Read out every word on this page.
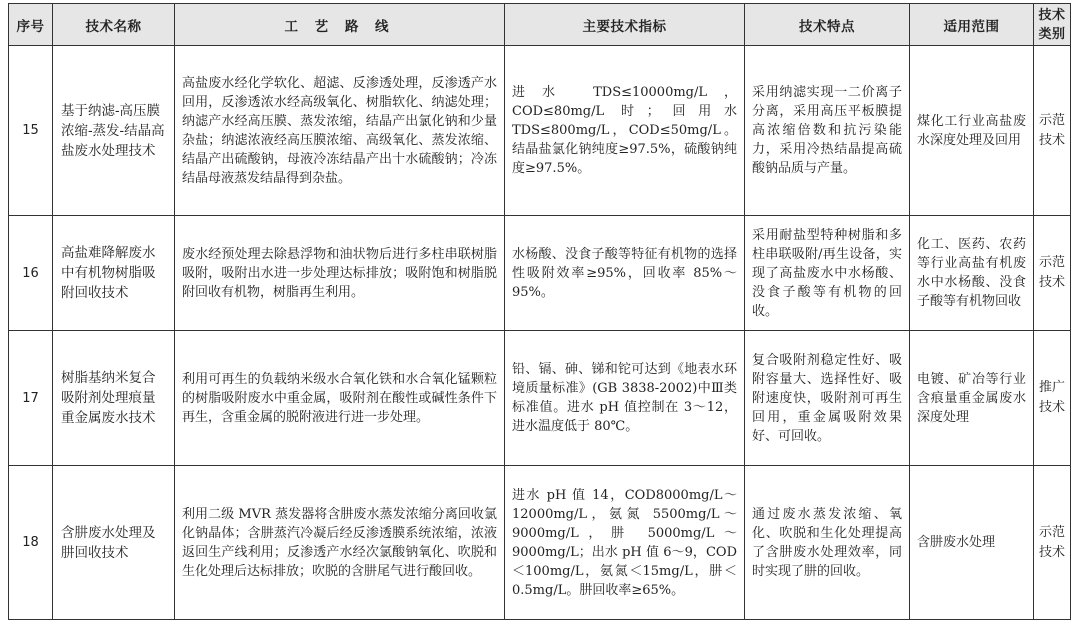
序号	技术名称	工 艺 路 线	主要技术指标	技术特点	适用范围	技术类别
15	基于纳滤-高压膜浓缩-蒸发-结晶高盐废水处理技术	高盐废水经化学软化、超滤、反渗透处理，反渗透产水回用，反渗透浓水经高级氧化、树脂软化、纳滤处理；纳滤产水经高压膜、蒸发浓缩，结晶产出氯化钠和少量杂盐；纳滤浓液经高压膜浓缩、高级氧化、蒸发浓缩、结晶产出硫酸钠，母液冷冻结晶产出十水硫酸钠；冷冻结晶母液蒸发结晶得到杂盐。	进水 TDS≤10000mg/L，COD≤80mg/L 时；回用水 TDS≤800mg/L，COD≤50mg/L。结晶盐氯化钠纯度≥97.5%，硫酸钠纯度≥97.5%。	采用纳滤实现一二价离子分离，采用高压平板膜提高浓缩倍数和抗污染能力，采用冷热结晶提高硫酸钠品质与产量。	煤化工行业高盐废水深度处理及回用	示范技术
16	高盐难降解废水中有机物树脂吸附回收技术	废水经预处理去除悬浮物和油状物后进行多柱串联树脂吸附，吸附出水进一步处理达标排放；吸附饱和树脂脱附回收有机物，树脂再生利用。	水杨酸、没食子酸等特征有机物的选择性吸附效率≥95%，回收率 85%～95%。	采用耐盐型特种树脂和多柱串联吸附/再生设备，实现了高盐废水中水杨酸、没食子酸等有机物的回收。	化工、医药、农药等行业高盐有机废水中水杨酸、没食子酸等有机物回收	示范技术
17	树脂基纳米复合吸附剂处理痕量重金属废水技术	利用可再生的负载纳米级水合氧化铁和水合氧化锰颗粒的树脂吸附废水中重金属，吸附剂在酸性或碱性条件下再生，含重金属的脱附液进行进一步处理。	铅、镉、砷、锑和铊可达到《地表水环境质量标准》(GB 3838-2002)中Ⅲ类标准值。进水 pH 值控制在 3～12，进水温度低于 80℃。	复合吸附剂稳定性好、吸附容量大、选择性好、吸附速度快，吸附剂可再生回用，重金属吸附效果好、可回收。	电镀、矿冶等行业含痕量重金属废水深度处理	推广技术
18	含肼废水处理及肼回收技术	利用二级 MVR 蒸发器将含肼废水蒸发浓缩分离回收氯化钠晶体；含肼蒸汽冷凝后经反渗透膜系统浓缩，浓液返回生产线利用；反渗透产水经次氯酸钠氧化、吹脱和生化处理后达标排放；吹脱的含肼尾气进行酸回收。	进水 pH 值 14，COD8000mg/L～12000mg/L，氨氮 5500mg/L～9000mg/L，肼 5000mg/L～9000mg/L；出水 pH 值 6～9，COD＜100mg/L，氨氮＜15mg/L，肼＜0.5mg/L。肼回收率≥65%。	通过废水蒸发浓缩、氧化、吹脱和生化处理提高了含肼废水处理效率，同时实现了肼的回收。	含肼废水处理	示范技术
